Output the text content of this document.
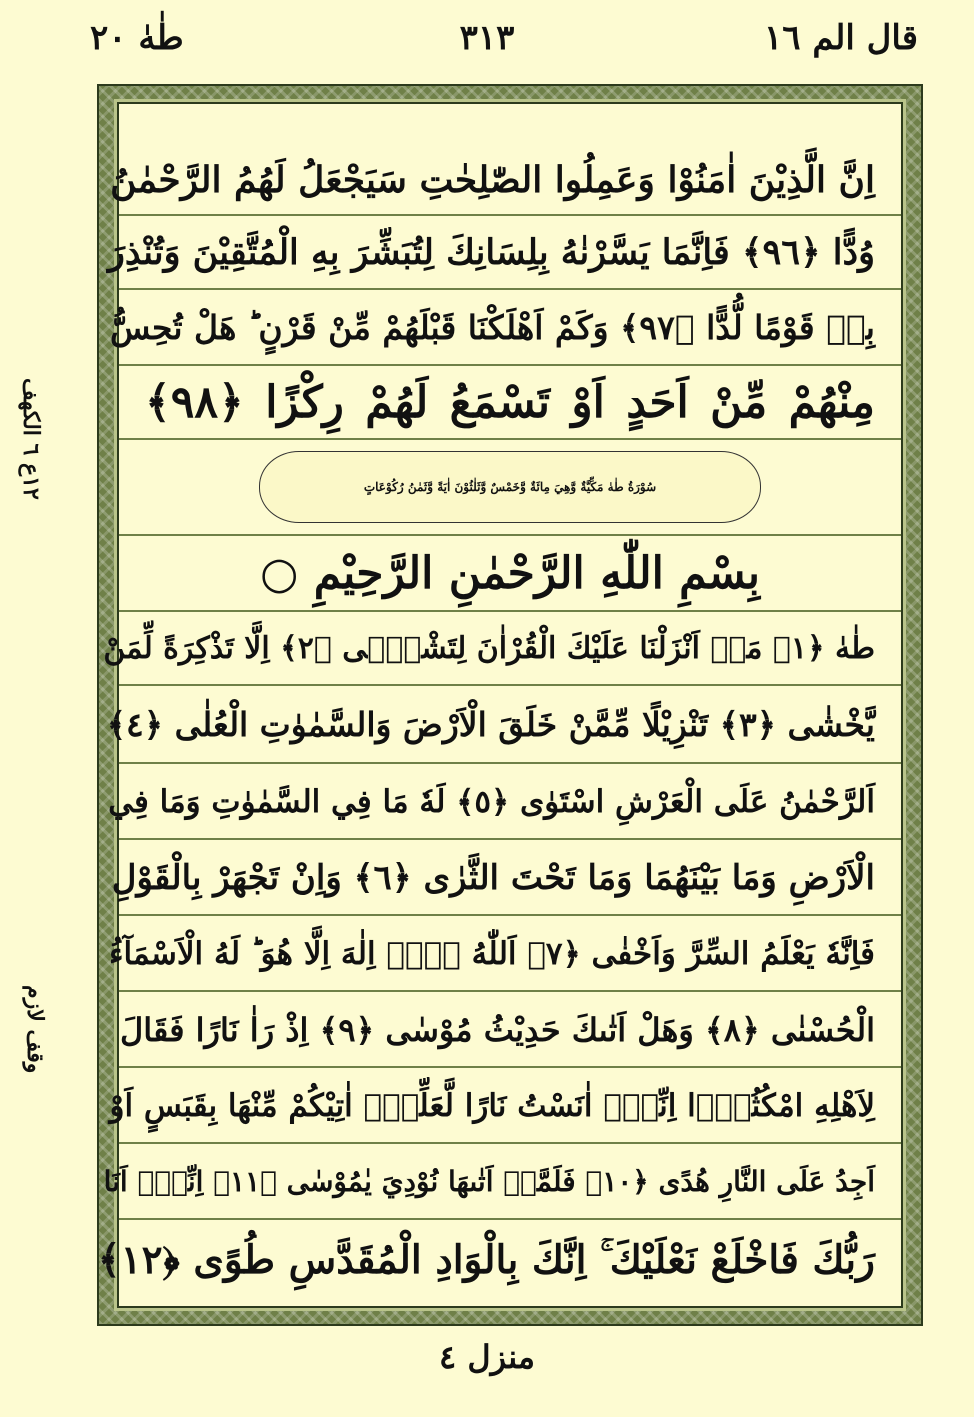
قال الم ١٦
٣١٣
طٰهٰ ٢٠
١٢ع ٦ الكهف
وقف لازم
اِنَّ الَّذِيْنَ اٰمَنُوْا وَعَمِلُوا الصّٰلِحٰتِ سَيَجْعَلُ لَهُمُ الرَّحْمٰنُ
وُدًّا ﴿٩٦﴾ فَاِنَّمَا يَسَّرْنٰهُ بِلِسَانِكَ لِتُبَشِّرَ بِهِ الْمُتَّقِيْنَ وَتُنْذِرَ
بِهٖ قَوْمًا لُّدًّا ﴿٩٧﴾ وَكَمْ اَهْلَكْنَا قَبْلَهُمْ مِّنْ قَرْنٍ ؕ هَلْ تُحِسُّ
مِنْهُمْ مِّنْ اَحَدٍ اَوْ تَسْمَعُ لَهُمْ رِكْزًا ﴿٩٨﴾
سُوْرَةُ طٰهٰ مَكِّيَّةٌ وَّهِيَ مِائَةٌ وَّخَمْسٌ وَّثَلٰثُوْنَ اٰيَةً وَّثَمٰنُ رُكُوْعَاتٍ
بِسْمِ اللّٰهِ الرَّحْمٰنِ الرَّحِيْمِ ○
طٰهٰ ﴿١﴾ مَاۤ اَنْزَلْنَا عَلَيْكَ الْقُرْاٰنَ لِتَشْقٰۤى ﴿٢﴾ اِلَّا تَذْكِرَةً لِّمَنْ
يَّخْشٰى ﴿٣﴾ تَنْزِيْلًا مِّمَّنْ خَلَقَ الْاَرْضَ وَالسَّمٰوٰتِ الْعُلٰى ﴿٤﴾
اَلرَّحْمٰنُ عَلَى الْعَرْشِ اسْتَوٰى ﴿٥﴾ لَهٗ مَا فِي السَّمٰوٰتِ وَمَا فِي
الْاَرْضِ وَمَا بَيْنَهُمَا وَمَا تَحْتَ الثَّرٰى ﴿٦﴾ وَاِنْ تَجْهَرْ بِالْقَوْلِ
فَاِنَّهٗ يَعْلَمُ السِّرَّ وَاَخْفٰى ﴿٧﴾ اَللّٰهُ لَاۤ اِلٰهَ اِلَّا هُوَ ؕ لَهُ الْاَسْمَآءُ
الْحُسْنٰى ﴿٨﴾ وَهَلْ اَتٰىكَ حَدِيْثُ مُوْسٰى ﴿٩﴾ اِذْ رَاٰ نَارًا فَقَالَ
لِاَهْلِهِ امْكُثُوْۤا اِنِّيْۤ اٰنَسْتُ نَارًا لَّعَلِّيْۤ اٰتِيْكُمْ مِّنْهَا بِقَبَسٍ اَوْ
اَجِدُ عَلَى النَّارِ هُدًى ﴿١٠﴾ فَلَمَّاۤ اَتٰىهَا نُوْدِيَ يٰمُوْسٰى ﴿١١﴾ اِنِّيْۤ اَنَا
رَبُّكَ فَاخْلَعْ نَعْلَيْكَ ۚ اِنَّكَ بِالْوَادِ الْمُقَدَّسِ طُوًى ﴿١٢﴾
منزل ٤
